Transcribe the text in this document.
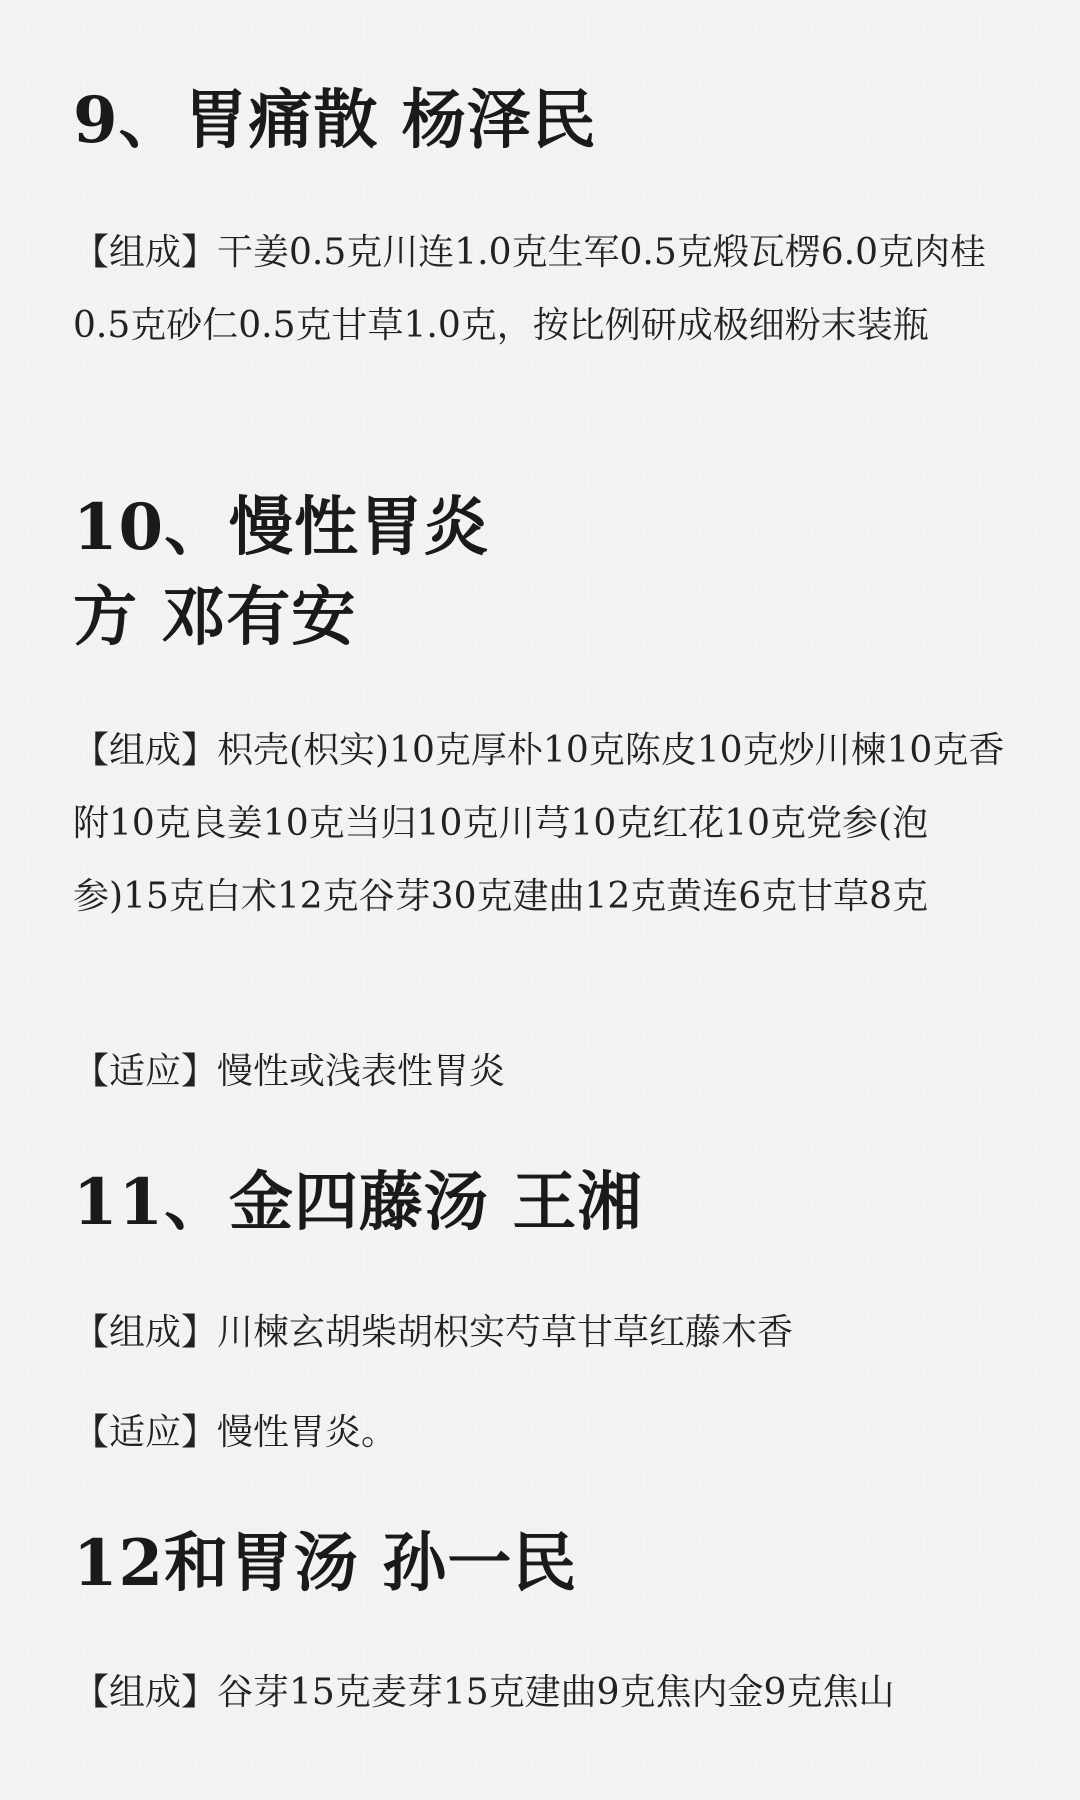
9、胃痛散 杨泽民

【组成】干姜0.5克川连1.0克生军0.5克煅瓦楞6.0克肉桂0.5克砂仁0.5克甘草1.0克，按比例研成极细粉末装瓶

10、慢性胃炎
方 邓有安

【组成】枳壳(枳实)10克厚朴10克陈皮10克炒川楝10克香附10克良姜10克当归10克川芎10克红花10克党参(泡参)15克白术12克谷芽30克建曲12克黄连6克甘草8克

【适应】慢性或浅表性胃炎

11、金四藤汤 王湘

【组成】川楝玄胡柴胡枳实芍草甘草红藤木香

【适应】慢性胃炎。

12和胃汤 孙一民

【组成】谷芽15克麦芽15克建曲9克焦内金9克焦山
